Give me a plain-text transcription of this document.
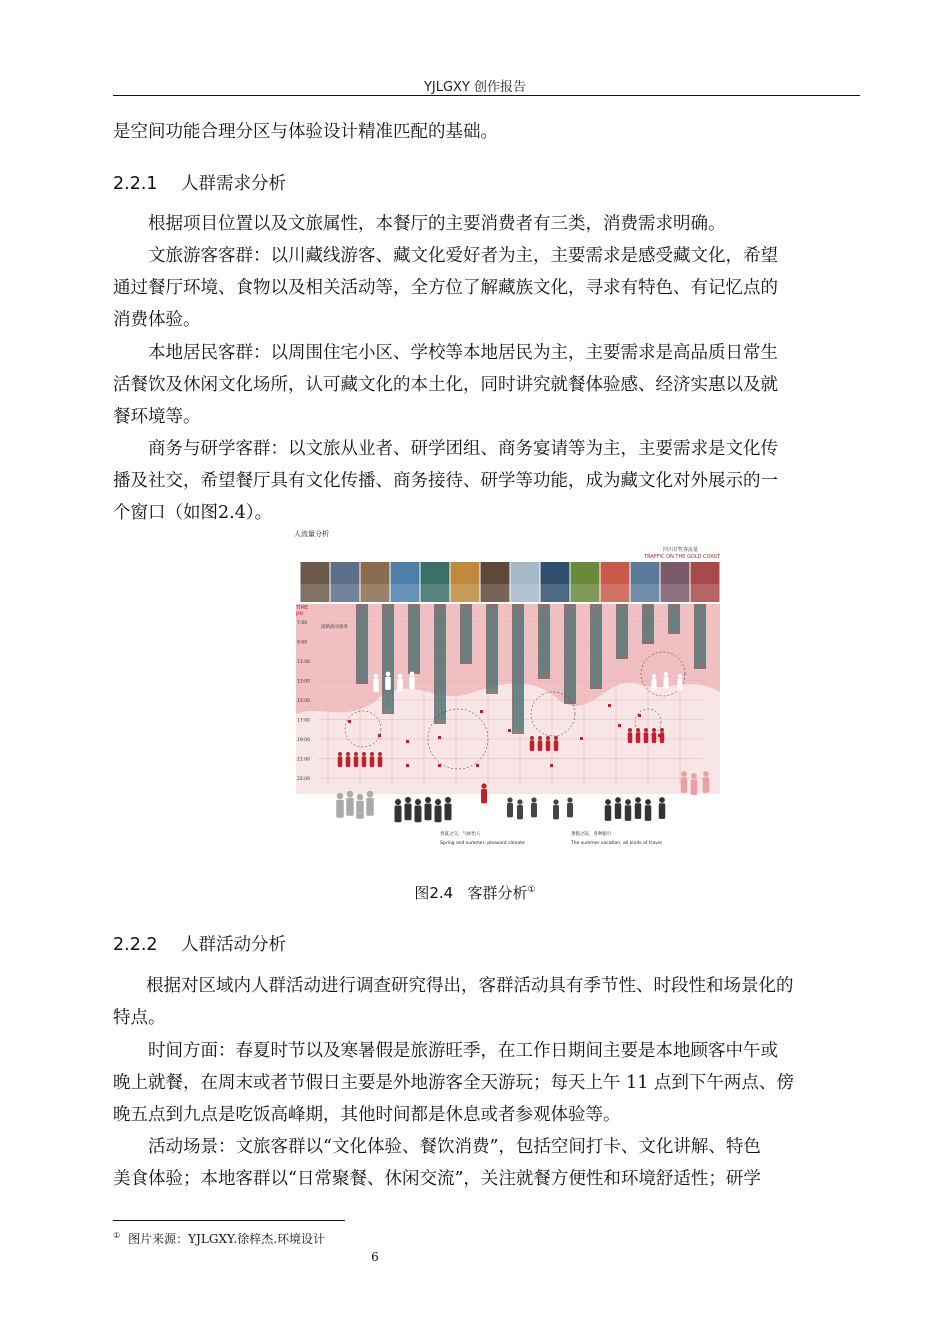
YJLGXY 创作报告

是空间功能合理分区与体验设计精准匹配的基础。

2.2.1 人群需求分析

根据项目位置以及文旅属性，本餐厅的主要消费者有三类，消费需求明确。

文旅游客客群：以川藏线游客、藏文化爱好者为主，主要需求是感受藏文化，希望

通过餐厅环境、食物以及相关活动等，全方位了解藏族文化，寻求有特色、有记忆点的

消费体验。

本地居民客群：以周围住宅小区、学校等本地居民为主，主要需求是高品质日常生

活餐饮及休闲文化场所，认可藏文化的本土化，同时讲究就餐体验感、经济实惠以及就

餐环境等。

商务与研学客群：以文旅从业者、研学团组、商务宴请等为主，主要需求是文化传

播及社交，希望餐厅具有文化传播、商务接待、研学等功能，成为藏文化对外展示的一

个窗口（如图2.4）。

人流量分析
四川甘牧客流量
TRAFFIC ON THE GOLD COAST
TIME
JAN
道路流动频率
7:00
9:00
11:00
13:00
15:00
17:00
19:00
21:00
22:00
春夏之交，气候怡人
Spring and summer, pleasant climate
暑假之际，各种旅行
The summer vacation, all kinds of travel
图2.4 客群分析①
2.2.2 人群活动分析

根据对区域内人群活动进行调查研究得出，客群活动具有季节性、时段性和场景化的

特点。

时间方面：春夏时节以及寒暑假是旅游旺季，在工作日期间主要是本地顾客中午或

晚上就餐，在周末或者节假日主要是外地游客全天游玩；每天上午 11 点到下午两点、傍

晚五点到九点是吃饭高峰期，其他时间都是休息或者参观体验等。

活动场景：文旅客群以“文化体验、餐饮消费”，包括空间打卡、文化讲解、特色

美食体验；本地客群以“日常聚餐、休闲交流”，关注就餐方便性和环境舒适性；研学

① 图片来源：YJLGXY.徐梓杰.环境设计
6
